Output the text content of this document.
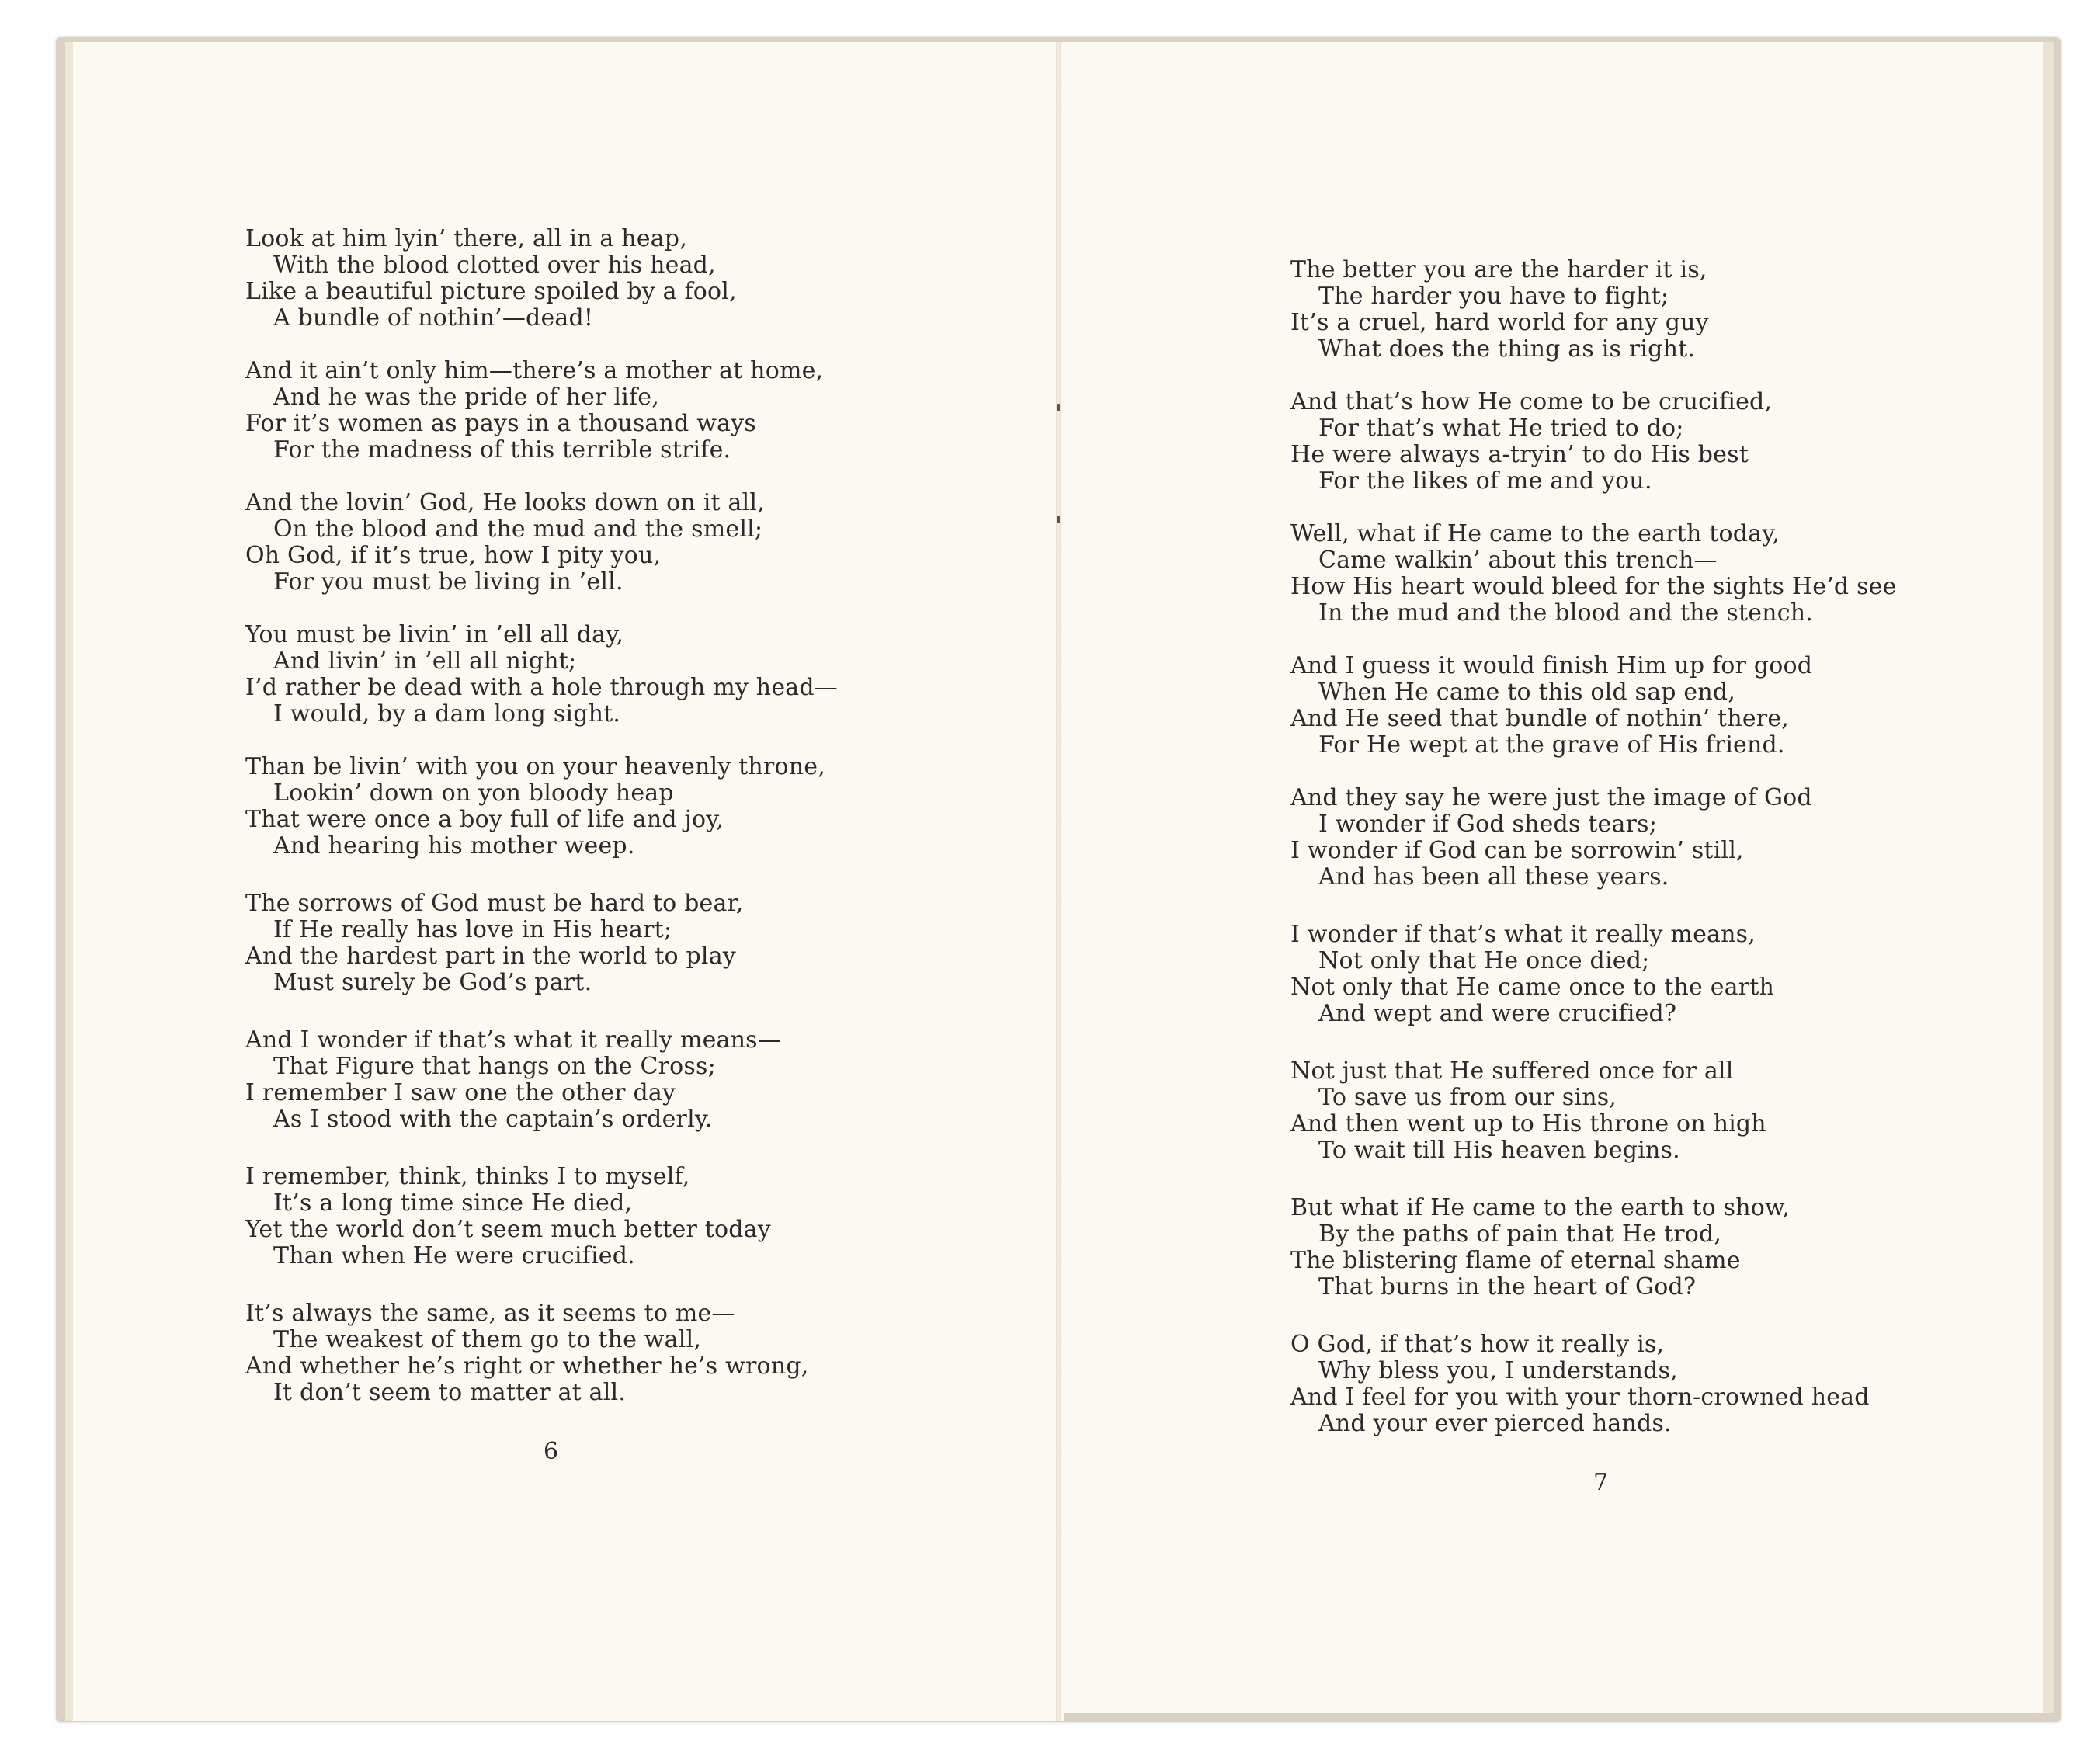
Look at him lyin’ there, all in a heap,
With the blood clotted over his head,
Like a beautiful picture spoiled by a fool,
A bundle of nothin’—dead!
And it ain’t only him—there’s a mother at home,
And he was the pride of her life,
For it’s women as pays in a thousand ways
For the madness of this terrible strife.
And the lovin’ God, He looks down on it all,
On the blood and the mud and the smell;
Oh God, if it’s true, how I pity you,
For you must be living in ’ell.
You must be livin’ in ’ell all day,
And livin’ in ’ell all night;
I’d rather be dead with a hole through my head—
I would, by a dam long sight.
Than be livin’ with you on your heavenly throne,
Lookin’ down on yon bloody heap
That were once a boy full of life and joy,
And hearing his mother weep.
The sorrows of God must be hard to bear,
If He really has love in His heart;
And the hardest part in the world to play
Must surely be God’s part.
And I wonder if that’s what it really means—
That Figure that hangs on the Cross;
I remember I saw one the other day
As I stood with the captain’s orderly.
I remember, think, thinks I to myself,
It’s a long time since He died,
Yet the world don’t seem much better today
Than when He were crucified.
It’s always the same, as it seems to me—
The weakest of them go to the wall,
And whether he’s right or whether he’s wrong,
It don’t seem to matter at all.
6
The better you are the harder it is,
The harder you have to fight;
It’s a cruel, hard world for any guy
What does the thing as is right.
And that’s how He come to be crucified,
For that’s what He tried to do;
He were always a-tryin’ to do His best
For the likes of me and you.
Well, what if He came to the earth today,
Came walkin’ about this trench—
How His heart would bleed for the sights He’d see
In the mud and the blood and the stench.
And I guess it would finish Him up for good
When He came to this old sap end,
And He seed that bundle of nothin’ there,
For He wept at the grave of His friend.
And they say he were just the image of God
I wonder if God sheds tears;
I wonder if God can be sorrowin’ still,
And has been all these years.
I wonder if that’s what it really means,
Not only that He once died;
Not only that He came once to the earth
And wept and were crucified?
Not just that He suffered once for all
To save us from our sins,
And then went up to His throne on high
To wait till His heaven begins.
But what if He came to the earth to show,
By the paths of pain that He trod,
The blistering flame of eternal shame
That burns in the heart of God?
O God, if that’s how it really is,
Why bless you, I understands,
And I feel for you with your thorn-crowned head
And your ever pierced hands.
7
